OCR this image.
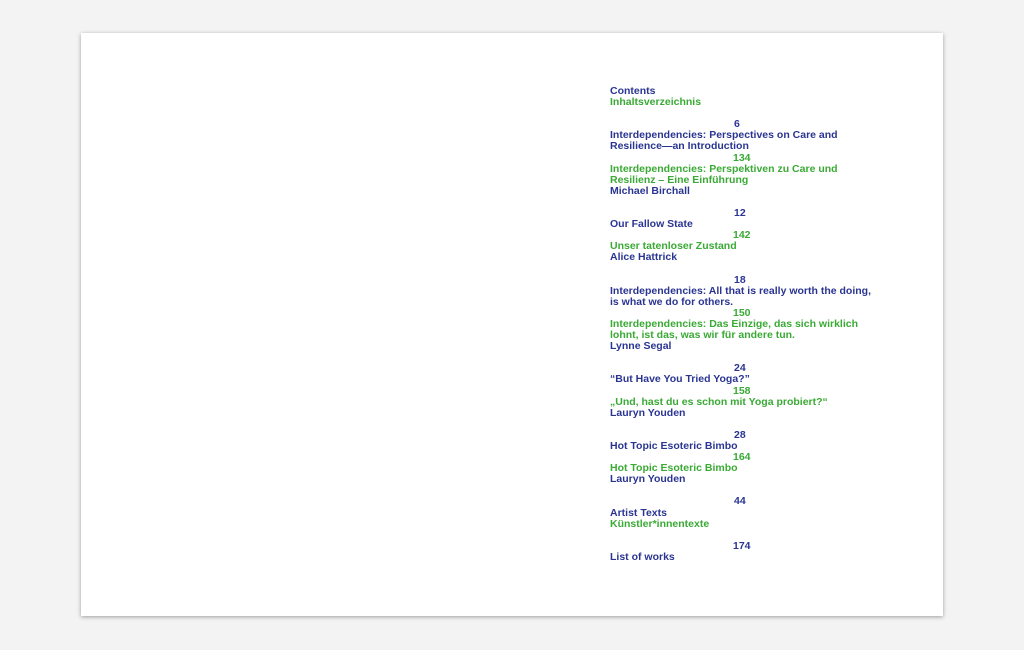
Contents
Inhaltsverzeichnis
6
Interdependencies: Perspectives on Care and
Resilience—an Introduction
134
Interdependencies: Perspektiven zu Care und
Resilienz – Eine Einführung
Michael Birchall
12
Our Fallow State
142
Unser tatenloser Zustand
Alice Hattrick
18
Interdependencies: All that is really worth the doing,
is what we do for others.
150
Interdependencies: Das Einzige, das sich wirklich
lohnt, ist das, was wir für andere tun.
Lynne Segal
24
“But Have You Tried Yoga?”
158
„Und, hast du es schon mit Yoga probiert?“
Lauryn Youden
28
Hot Topic Esoteric Bimbo
164
Hot Topic Esoteric Bimbo
Lauryn Youden
44
Artist Texts
Künstler*innentexte
174
List of works
